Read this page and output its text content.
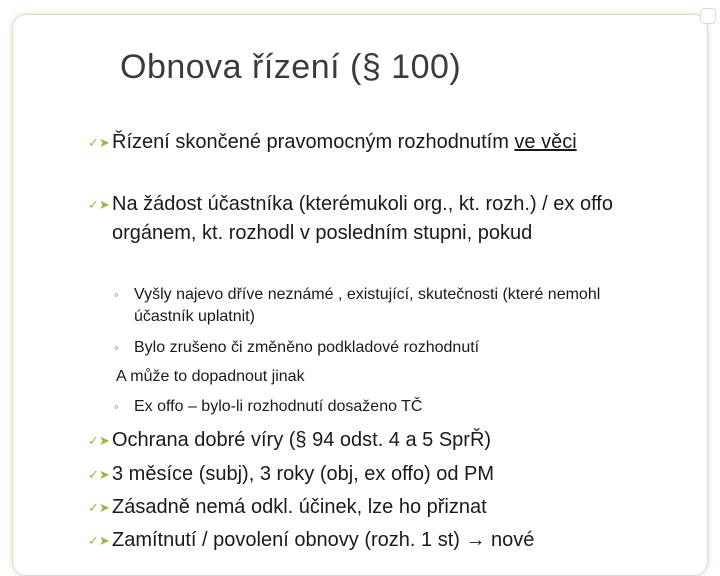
Obnova řízení (§ 100)
✓➤ Řízení skončené pravomocným rozhodnutím ve věci
✓➤ Na žádost účastníka (kterémukoli org., kt. rozh.) / ex offo orgánem, kt. rozhodl v posledním stupni, pokud
◦ Vyšly najevo dříve neznámé , existující, skutečnosti (které nemohl účastník uplatnit)
◦ Bylo zrušeno či změněno podkladové rozhodnutí
A může to dopadnout jinak
◦ Ex offo – bylo-li rozhodnutí dosaženo TČ
✓➤ Ochrana dobré víry (§ 94 odst. 4 a 5 SprŘ)
✓➤ 3 měsíce (subj), 3 roky (obj, ex offo) od PM
✓➤ Zásadně nemá odkl. účinek, lze ho přiznat
✓➤ Zamítnutí / povolení obnovy (rozh. 1 st) → nové
